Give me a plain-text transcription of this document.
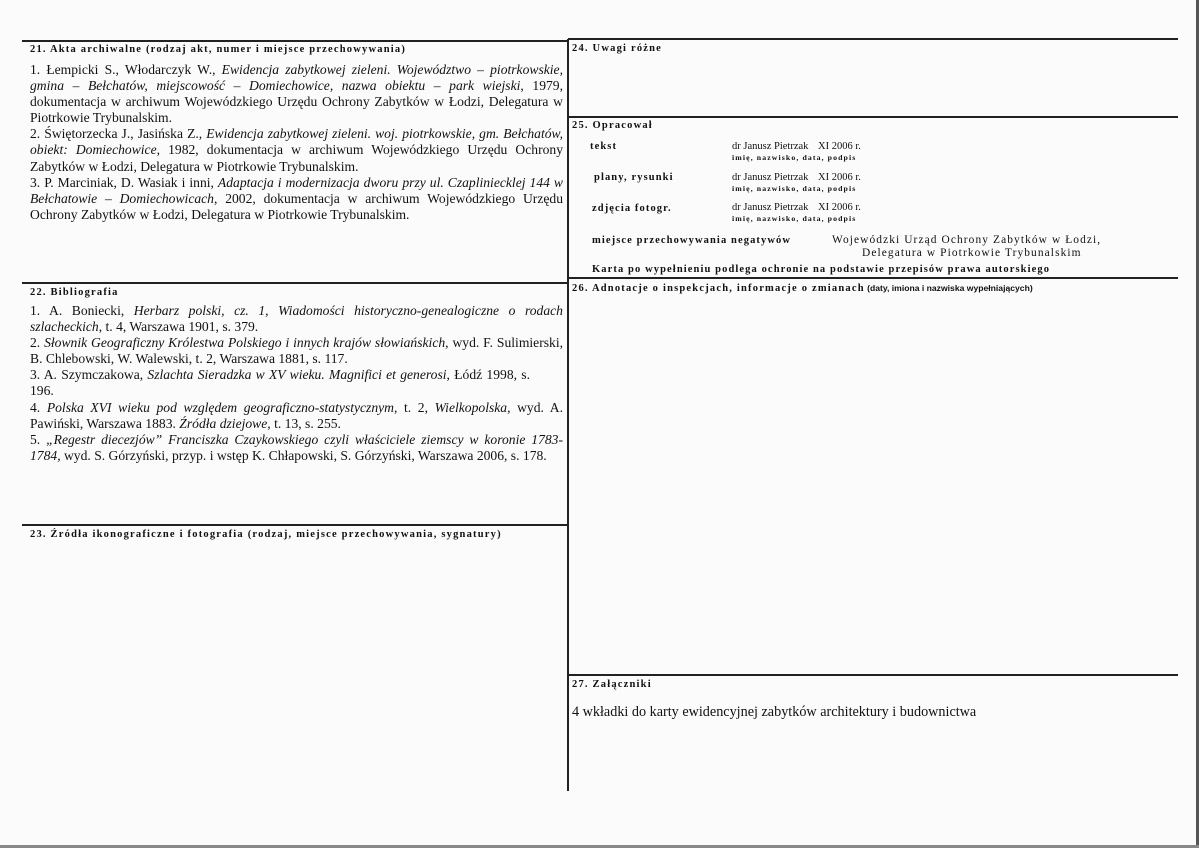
21. Akta archiwalne (rodzaj akt, numer i miejsce przechowywania)

1. Łempicki S., Włodarczyk W., Ewidencja zabytkowej zieleni. Województwo – piotrkowskie, gmina – Bełchatów, miejscowość – Domiechowice, nazwa obiektu – park wiejski, 1979, dokumentacja w archiwum Wojewódzkiego Urzędu Ochrony Zabytków w Łodzi, Delegatura w Piotrkowie Trybunalskim.

2. Świętorzecka J., Jasińska Z., Ewidencja zabytkowej zieleni. woj. piotrkowskie, gm. Bełchatów, obiekt: Domiechowice, 1982, dokumentacja w archiwum Wojewódzkiego Urzędu Ochrony Zabytków w Łodzi, Delegatura w Piotrkowie Trybunalskim.

3. P. Marciniak, D. Wasiak i inni, Adaptacja i modernizacja dworu przy ul. Czapliniecklej 144 w Bełchatowie – Domiechowicach, 2002, dokumentacja w archiwum Wojewódzkiego Urzędu Ochrony Zabytków w Łodzi, Delegatura w Piotrkowie Trybunalskim.

22. Bibliografia

1. A. Boniecki, Herbarz polski, cz. 1, Wiadomości historyczno-genealogiczne o rodach szlacheckich, t. 4, Warszawa 1901, s. 379.

2. Słownik Geograficzny Królestwa Polskiego i innych krajów słowiańskich, wyd. F. Sulimierski, B. Chlebowski, W. Walewski, t. 2, Warszawa 1881, s. 117.

3. A. Szymczakowa, Szlachta Sieradzka w XV wieku. Magnifici et generosi, Łódź 1998, s. 196.

4. Polska XVI wieku pod względem geograficzno-statystycznym, t. 2, Wielkopolska, wyd. A. Pawiński, Warszawa 1883. Źródła dziejowe, t. 13, s. 255.

5. „Regestr diecezjów” Franciszka Czaykowskiego czyli właściciele ziemscy w koronie 1783-1784, wyd. S. Górzyński, przyp. i wstęp K. Chłapowski, S. Górzyński, Warszawa 2006, s. 178.

23. Źródła ikonograficzne i fotografia (rodzaj, miejsce przechowywania, sygnatury)
24. Uwagi różne
25. Opracował
tekst	dr Janusz Pietrzak XI 2006 r.
imię, nazwisko, data, podpis
plany, rysunki	dr Janusz Pietrzak XI 2006 r.
imię, nazwisko, data, podpis
zdjęcia fotogr.	dr Janusz Pietrzak XI 2006 r.
imię, nazwisko, data, podpis
miejsce przechowywania negatywów	Wojewódzki Urząd Ochrony Zabytków w Łodzi,
Delegatura w Piotrkowie Trybunalskim
Karta po wypełnieniu podlega ochronie na podstawie przepisów prawa autorskiego
26. Adnotacje o inspekcjach, informacje o zmianach (daty, imiona i nazwiska wypełniających)
27. Załączniki
4 wkładki do karty ewidencyjnej zabytków architektury i budownictwa
